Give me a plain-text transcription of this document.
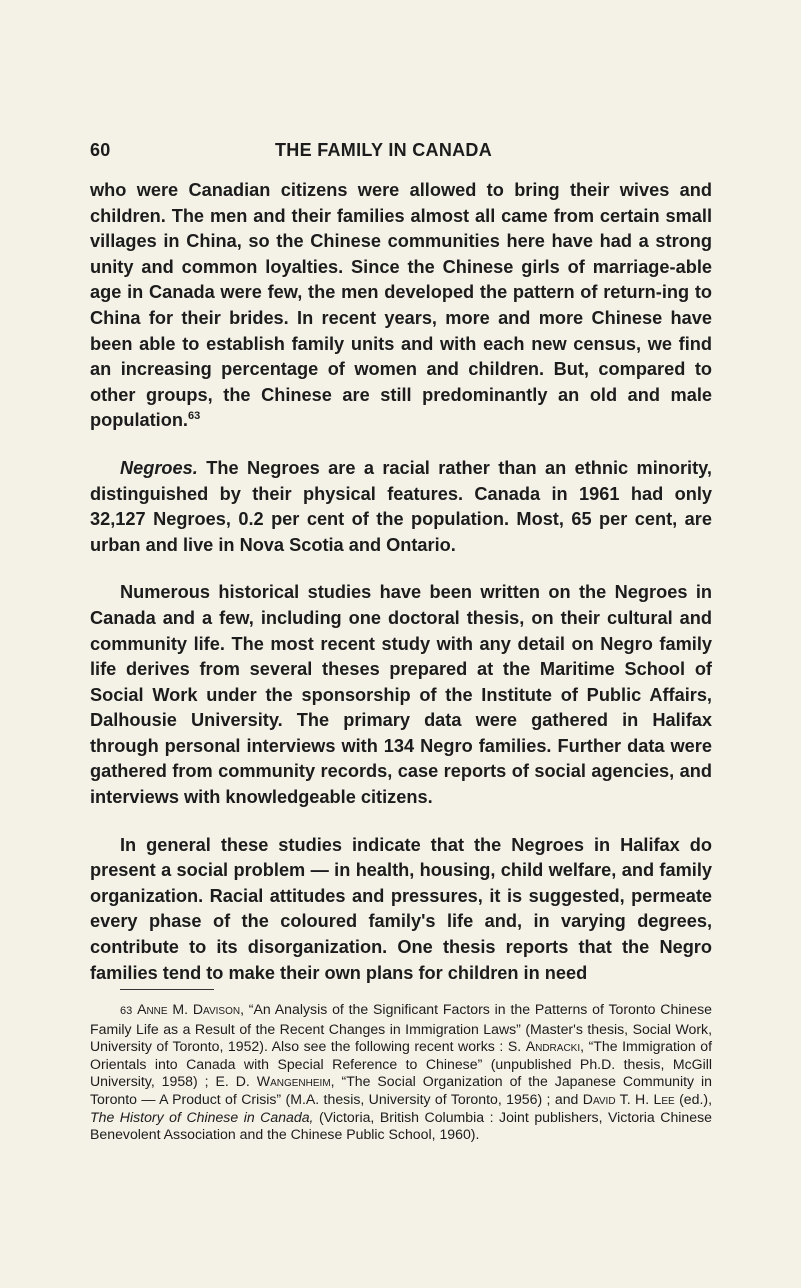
60	THE FAMILY IN CANADA

who were Canadian citizens were allowed to bring their wives and children. The men and their families almost all came from certain small villages in China, so the Chinese communities here have had a strong unity and common loyalties. Since the Chinese girls of marriage-able age in Canada were few, the men developed the pattern of return-ing to China for their brides. In recent years, more and more Chinese have been able to establish family units and with each new census, we find an increasing percentage of women and children. But, compared to other groups, the Chinese are still predominantly an old and male population.$^{63}$

Negroes. The Negroes are a racial rather than an ethnic minority, distinguished by their physical features. Canada in 1961 had only 32,127 Negroes, 0.2 per cent of the population. Most, 65 per cent, are urban and live in Nova Scotia and Ontario.

Numerous historical studies have been written on the Negroes in Canada and a few, including one doctoral thesis, on their cultural and community life. The most recent study with any detail on Negro family life derives from several theses prepared at the Maritime School of Social Work under the sponsorship of the Institute of Public Affairs, Dalhousie University. The primary data were gathered in Halifax through personal interviews with 134 Negro families. Further data were gathered from community records, case reports of social agencies, and interviews with knowledgeable citizens.

In general these studies indicate that the Negroes in Halifax do present a social problem — in health, housing, child welfare, and family organization. Racial attitudes and pressures, it is suggested, permeate every phase of the coloured family's life and, in varying degrees, contribute to its disorganization. One thesis reports that the Negro families tend to make their own plans for children in need

63 Anne M. Davison, “An Analysis of the Significant Factors in the Patterns of Toronto Chinese Family Life as a Result of the Recent Changes in Immigration Laws” (Master's thesis, Social Work, University of Toronto, 1952). Also see the following recent works : S. Andracki, “The Immigration of Orientals into Canada with Special Reference to Chinese” (unpublished Ph.D. thesis, McGill University, 1958) ; E. D. Wangenheim, “The Social Organization of the Japanese Community in Toronto — A Product of Crisis” (M.A. thesis, University of Toronto, 1956) ; and David T. H. Lee (ed.), The History of Chinese in Canada, (Victoria, British Columbia : Joint publishers, Victoria Chinese Benevolent Association and the Chinese Public School, 1960).
